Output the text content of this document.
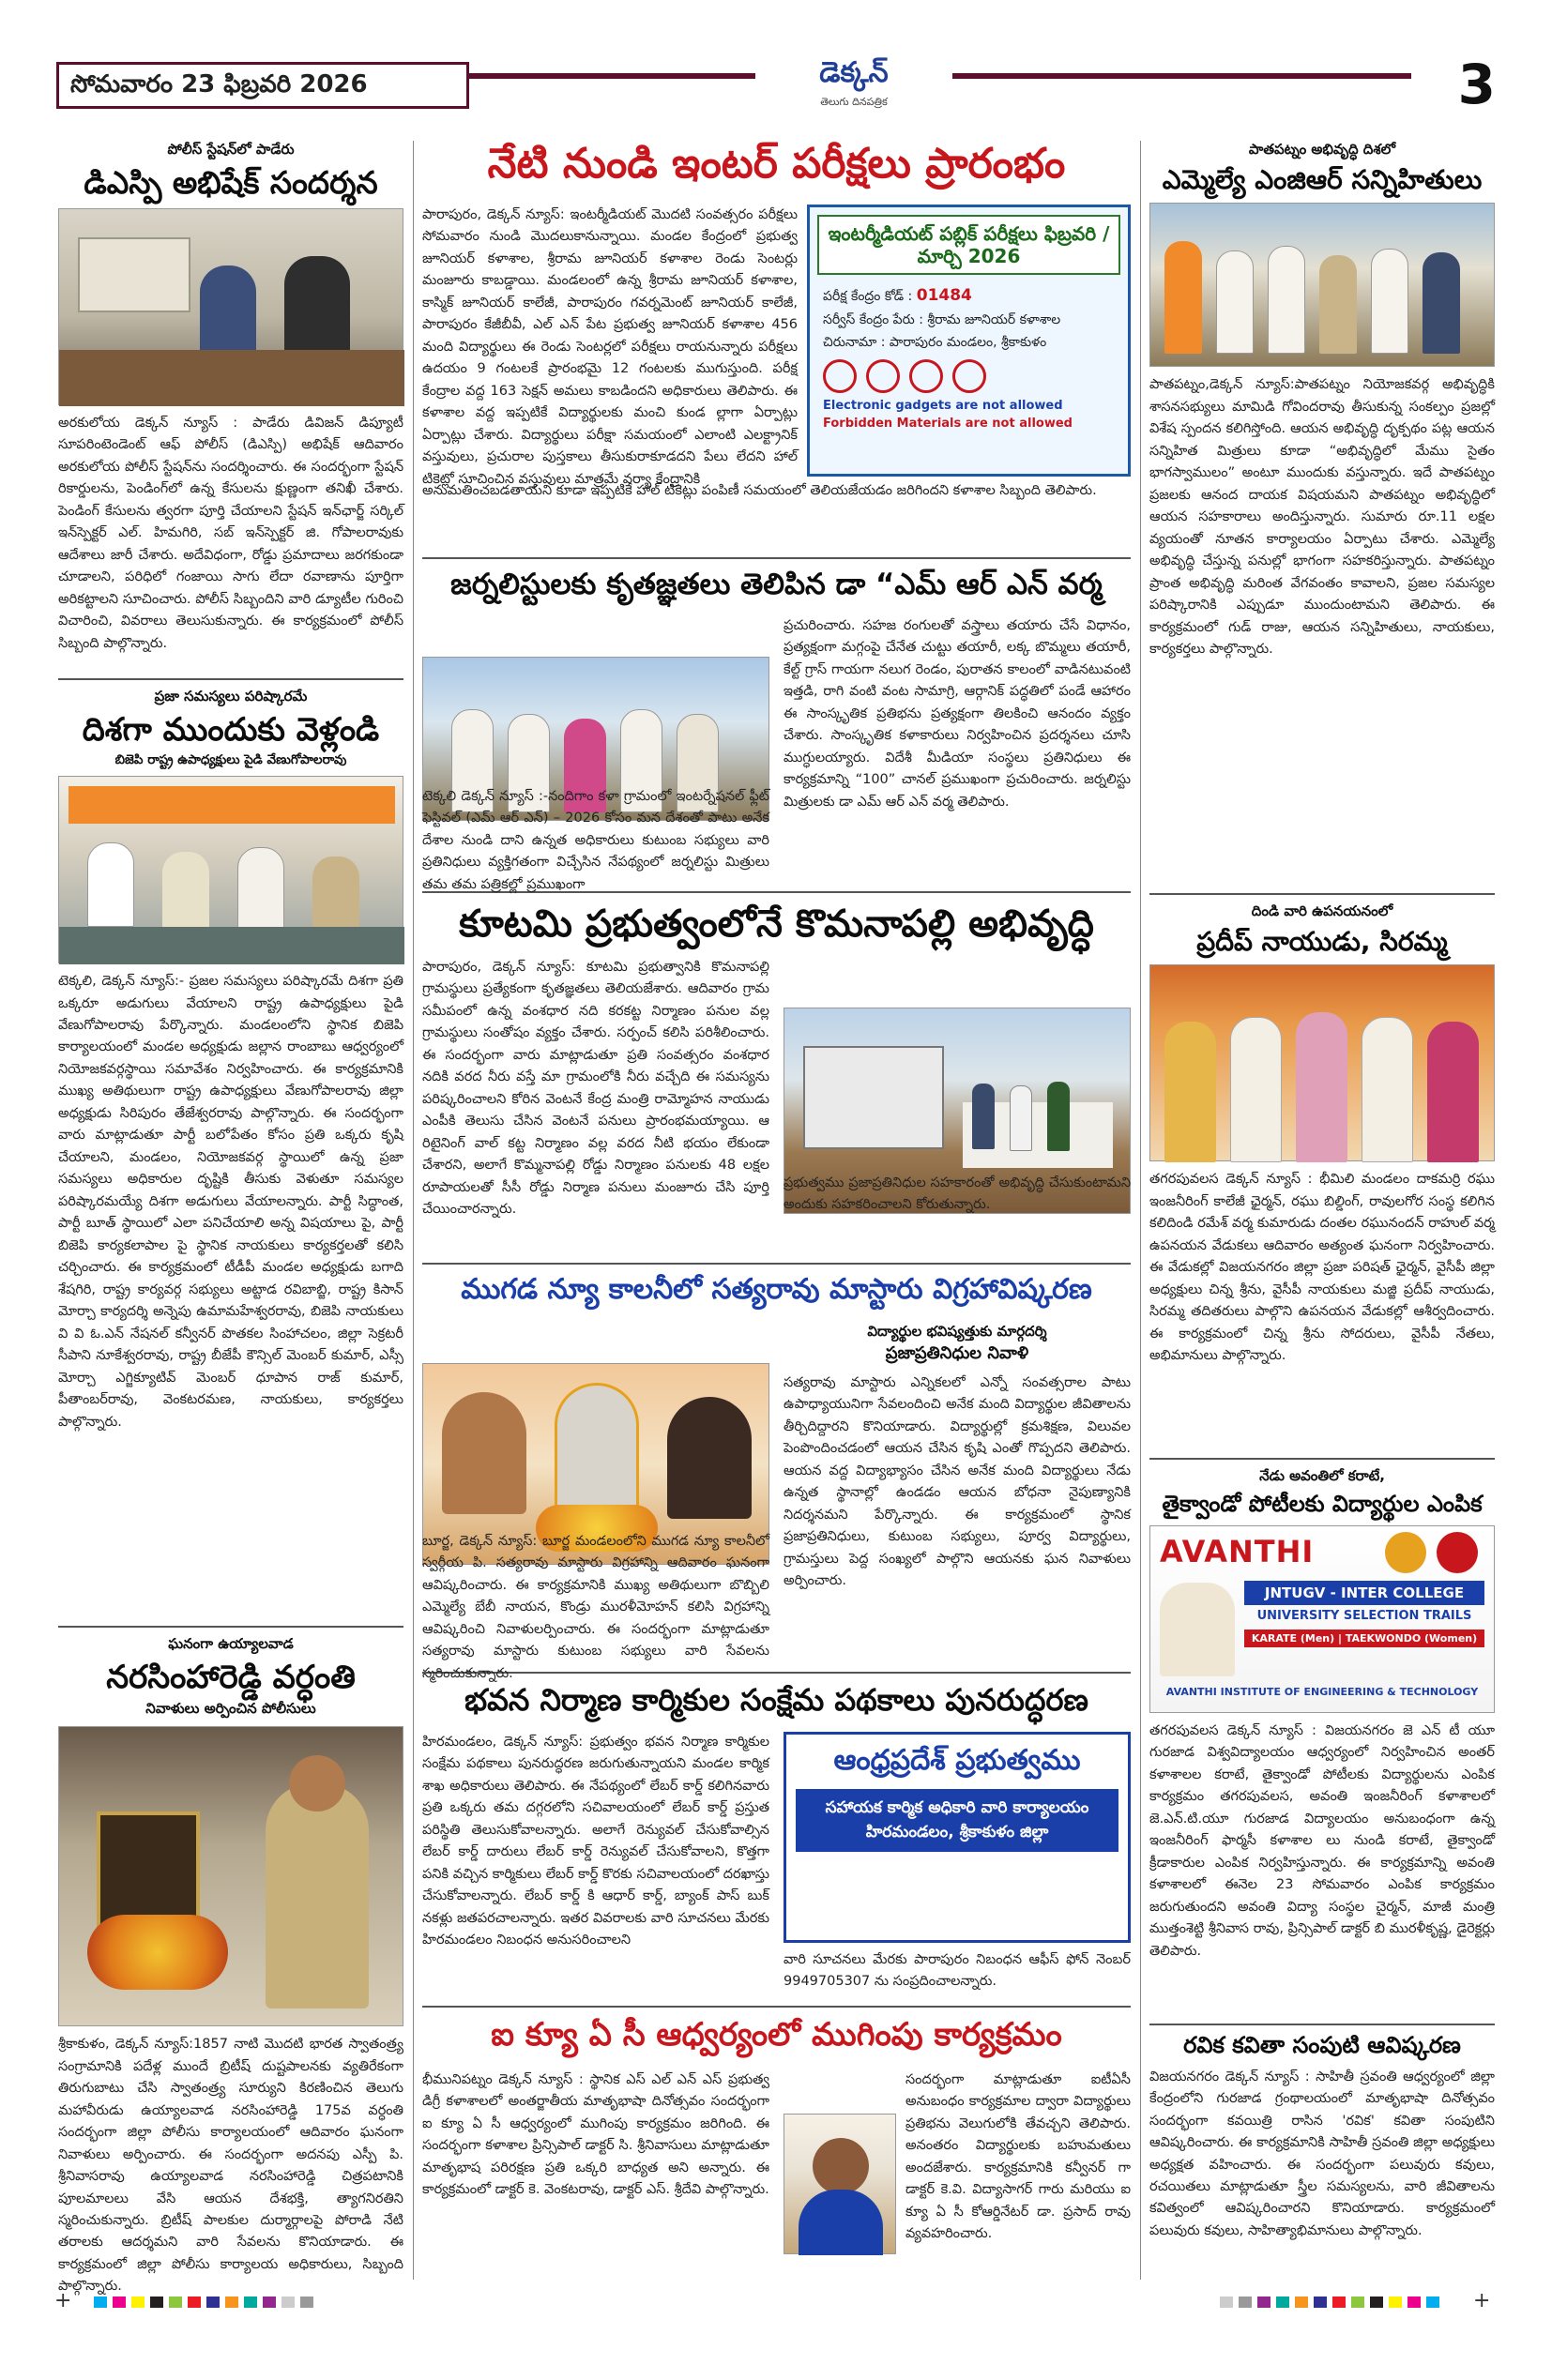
సోమవారం 23 ఫిబ్రవరి 2026	డెక్కన్
తెలుగు దినపత్రిక	3
పోలీస్ స్టేషన్‌లో పాడేరు
డిఎస్పి అభిషేక్ సందర్శన
అరకులోయ డెక్కన్ న్యూస్ : పాడేరు డివిజన్ డిప్యూటీ సూపరింటెండెంట్ ఆఫ్ పోలీస్ (డిఎస్పి) అభిషేక్ ఆదివారం అరకులోయ పోలీస్ స్టేషన్‌ను సందర్శించారు. ఈ సందర్భంగా స్టేషన్ రికార్డులను, పెండింగ్‌లో ఉన్న కేసులను క్షుణ్ణంగా తనిఖీ చేశారు. పెండింగ్ కేసులను త్వరగా పూర్తి చేయాలని స్టేషన్ ఇన్‌ఛార్జ్ సర్కిల్ ఇన్‌స్పెక్టర్ ఎల్. హిమగిరి, సబ్ ఇన్‌స్పెక్టర్ జి. గోపాలరావుకు ఆదేశాలు జారీ చేశారు. అదేవిధంగా, రోడ్డు ప్రమాదాలు జరగకుండా చూడాలని, పరిధిలో గంజాయి సాగు లేదా రవాణాను పూర్తిగా అరికట్టాలని సూచించారు. పోలీస్ సిబ్బందిని వారి డ్యూటీల గురించి విచారించి, వివరాలు తెలుసుకున్నారు. ఈ కార్యక్రమంలో పోలీస్ సిబ్బంది పాల్గొన్నారు.
ప్రజా సమస్యలు పరిష్కారమే
దిశగా ముందుకు వెళ్లండి
బిజెపి రాష్ట్ర ఉపాధ్యక్షులు పైడి వేణుగోపాలరావు
టెక్కలి, డెక్కన్ న్యూస్:- ప్రజల సమస్యలు పరిష్కారమే దిశగా ప్రతి ఒక్కరూ అడుగులు వేయాలని రాష్ట్ర ఉపాధ్యక్షులు పైడి వేణుగోపాలరావు పేర్కొన్నారు. మండలంలోని స్థానిక బిజెపి కార్యాలయంలో మండల అధ్యక్షుడు జల్లాన రాంబాబు ఆధ్వర్యంలో నియోజకవర్గస్థాయి సమావేశం నిర్వహించారు. ఈ కార్యక్రమానికి ముఖ్య అతిథులుగా రాష్ట్ర ఉపాధ్యక్షులు వేణుగోపాలరావు జిల్లా అధ్యక్షుడు సిరిపురం తేజేశ్వరరావు పాల్గొన్నారు. ఈ సందర్భంగా వారు మాట్లాడుతూ పార్టీ బలోపేతం కోసం ప్రతి ఒక్కరు కృషి చేయాలని, మండలం, నియోజకవర్గ స్థాయిలో ఉన్న ప్రజా సమస్యలు అధికారుల దృష్టికి తీసుకు వెళుతూ సమస్యల పరిష్కారమయ్యే దిశగా అడుగులు వేయాలన్నారు. పార్టీ సిద్ధాంత, పార్టీ బూత్ స్థాయిలో ఎలా పనిచేయాలి అన్న విషయాలు పై, పార్టీ బిజెపి కార్యకలాపాల పై స్థానిక నాయకులు కార్యకర్తలతో కలిసి చర్చించారు. ఈ కార్యక్రమంలో టీడీపీ మండల అధ్యక్షుడు బగాది శేషగిరి, రాష్ట్ర కార్యవర్గ సభ్యులు అట్టాడ రవిబాబ్జి, రాష్ట్ర కిసాన్ మోర్చా కార్యదర్శి అన్నెపు ఉమామహేశ్వరరావు, బిజెపి నాయకులు వి వి ఓ.ఎన్ నేషనల్ కన్వీనర్ పొతకల సింహాచలం, జిల్లా సెక్రటరీ సీపాని నూకేశ్వరరావు, రాష్ట్ర బీజేపీ కౌన్సిల్ మెంబర్ కుమార్, ఎస్సీ మోర్చా ఎగ్జిక్యూటివ్ మెంబర్ ధూపాన రాజ్ కుమార్, పీతాంబర్‌రావు, వెంకటరమణ, నాయకులు, కార్యకర్తలు పాల్గొన్నారు.
ఘనంగా ఉయ్యాలవాడ
నరసింహారెడ్డి వర్ధంతి
నివాళులు అర్పించిన పోలీసులు
శ్రీకాకుళం, డెక్కన్ న్యూస్:1857 నాటి మొదటి భారత స్వాతంత్ర్య సంగ్రామానికి పదేళ్ల ముందే బ్రిటీష్ దుష్టపాలనకు వ్యతిరేకంగా తిరుగుబాటు చేసి స్వాతంత్ర్య సూర్యుని కిరణించిన తెలుగు మహావీరుడు ఉయ్యాలవాడ నరసింహారెడ్డి 175వ వర్ధంతి సందర్భంగా జిల్లా పోలీసు కార్యాలయంలో ఆదివారం ఘనంగా నివాళులు అర్పించారు. ఈ సందర్భంగా అదనపు ఎస్పీ పి. శ్రీనివాసరావు ఉయ్యాలవాడ నరసింహారెడ్డి చిత్రపటానికి పూలమాలలు వేసి ఆయన దేశభక్తి, త్యాగనిరతిని స్మరించుకున్నారు. బ్రిటీష్ పాలకుల దుర్మార్గాలపై పోరాడి నేటి తరాలకు ఆదర్శమని వారి సేవలను కొనియాడారు. ఈ కార్యక్రమంలో జిల్లా పోలీసు కార్యాలయ అధికారులు, సిబ్బంది పాల్గొన్నారు.
నేటి నుండి ఇంటర్ పరీక్షలు ప్రారంభం
పారాపురం, డెక్కన్ న్యూస్: ఇంటర్మీడియట్ మొదటి సంవత్సరం పరీక్షలు సోమవారం నుండి మొదలుకానున్నాయి. మండల కేంద్రంలో ప్రభుత్వ జూనియర్ కళాశాల, శ్రీరామ జూనియర్ కళాశాల రెండు సెంటర్లు మంజూరు కాబడ్డాయి. మండలంలో ఉన్న శ్రీరామ జూనియర్ కళాశాల, కాస్మిక్ జూనియర్ కాలేజీ, పారాపురం గవర్నమెంట్ జూనియర్ కాలేజీ, పారాపురం కేజీబీవీ, ఎల్ ఎన్ పేట ప్రభుత్వ జూనియర్ కళాశాల 456 మంది విద్యార్థులు ఈ రెండు సెంటర్లలో పరీక్షలు రాయనున్నారు పరీక్షలు ఉదయం 9 గంటలకే ప్రారంభమై 12 గంటలకు ముగుస్తుంది. పరీక్ష కేంద్రాల వద్ద 163 సెక్షన్ అమలు కాబడిందని అధికారులు తెలిపారు. ఈ కళాశాల వద్ద ఇప్పటికే విద్యార్థులకు మంచి కుండ ల్లాగా ఏర్పాట్లు ఏర్పాట్లు చేశారు. విద్యార్థులు పరీక్షా సమయంలో ఎలాంటి ఎలక్ట్రానిక్ వస్తువులు, ప్రచురాల పుస్తకాలు తీసుకురాకూడదని పేలు లేదని హాల్ టికెట్లో సూచించిన వస్తువులు మాత్రమే వర్యా కేంద్రానికి
ఇంటర్మీడియట్ పబ్లిక్ పరీక్షలు ఫిబ్రవరి / మార్చి 2026
పరీక్ష కేంద్రం కోడ్ : 01484
సర్వీస్ కేంద్రం పేరు : శ్రీరామ జూనియర్ కళాశాల
చిరునామా : పారాపురం మండలం, శ్రీకాకుళం
Electronic gadgets are not allowed
Forbidden Materials are not allowed
అనుమతించబడతాయని కూడా ఇప్పటికే హాల్ టికెట్లు పంపిణీ సమయంలో తెలియజేయడం జరిగిందని కళాశాల సిబ్బంది తెలిపారు.
జర్నలిస్టులకు కృతజ్ఞతలు తెలిపిన డా “ఎమ్ ఆర్ ఎన్ వర్మ
టెక్కలి డెక్కన్ న్యూస్ :-నందిగాం కళా గ్రామంలో ఇంటర్నేషనల్ ఫ్లీట్ ఫెస్టివల్ (ఎమ్ ఆర్ ఎన్) – 2026 కోసం మన దేశంతో పాటు అనేక దేశాల నుండి దాని ఉన్నత అధికారులు కుటుంబ సభ్యులు వారి ప్రతినిధులు వ్యక్తిగతంగా విచ్చేసిన నేపథ్యంలో జర్నలిస్టు మిత్రులు తమ తమ పత్రికల్లో ప్రముఖంగా
ప్రచురించారు. సహజ రంగులతో వస్త్రాలు తయారు చేసే విధానం, ప్రత్యక్షంగా మగ్గంపై చేనేత చుట్టు తయారీ, లక్క బొమ్మలు తయారీ, కేల్ట్ గ్రాస్ గాయగా నలుగ రెండం, పురాతన కాలంలో వాడినటువంటి ఇత్తడి, రాగి వంటి వంట సామాగ్రి, ఆర్గానిక్ పద్ధతిలో పండే ఆహారం ఈ సాంస్కృతిక ప్రతిభను ప్రత్యక్షంగా తిలకించి ఆనందం వ్యక్తం చేశారు. సాంస్కృతిక కళాకారులు నిర్వహించిన ప్రదర్శనలు చూసి ముగ్ధులయ్యారు. విదేశీ మీడియా సంస్థలు ప్రతినిధులు ఈ కార్యక్రమాన్ని “100” చానల్ ప్రముఖంగా ప్రచురించారు. జర్నలిస్టు మిత్రులకు డా ఎమ్ ఆర్ ఎన్ వర్మ తెలిపారు.
కూటమి ప్రభుత్వంలోనే కొమనాపల్లి అభివృద్ధి
పారాపురం, డెక్కన్ న్యూస్: కూటమి ప్రభుత్వానికి కొమనాపల్లి గ్రామస్థులు ప్రత్యేకంగా కృతజ్ఞతలు తెలియజేశారు. ఆదివారం గ్రామ సమీపంలో ఉన్న వంశధార నది కరకట్ట నిర్మాణం పనుల వల్ల గ్రామస్థులు సంతోషం వ్యక్తం చేశారు. సర్పంచ్ కలిసి పరిశీలించారు. ఈ సందర్భంగా వారు మాట్లాడుతూ ప్రతి సంవత్సరం వంశధార నదికి వరద నీరు వస్తే మా గ్రామంలోకి నీరు వచ్చేది ఈ సమస్యను పరిష్కరించాలని కోరిన వెంటనే కేంద్ర మంత్రి రామ్మోహన నాయుడు ఎంపీకి తెలుసు చేసిన వెంటనే పనులు ప్రారంభమయ్యాయి. ఆ రిటైనింగ్ వాల్ కట్ట నిర్మాణం వల్ల వరద నీటి భయం లేకుండా చేశారని, అలాగే కొమ్మనాపల్లి రోడ్డు నిర్మాణం పనులకు 48 లక్షల రూపాయలతో సీసీ రోడ్డు నిర్మాణ పనులు మంజూరు చేసి పూర్తి చేయించారన్నారు.
ప్రభుత్వము ప్రజాప్రతినిధుల సహకారంతో అభివృద్ధి చేసుకుంటామని అందుకు సహకరించాలని కోరుతున్నారు.
ముగడ న్యూ కాలనీలో సత్యరావు మాస్టారు విగ్రహావిష్కరణ
బూర్జ, డెక్కన్ న్యూస్: బూర్జ మండలంలోని ముగడ న్యూ కాలనీలో స్వర్గీయ పి. సత్యరావు మాస్టారు విగ్రహాన్ని ఆదివారం ఘనంగా ఆవిష్కరించారు. ఈ కార్యక్రమానికి ముఖ్య అతిథులుగా బొబ్బిలి ఎమ్మెల్యే బేబీ నాయన, కొండ్రు మురళీమోహన్ కలిసి విగ్రహాన్ని ఆవిష్కరించి నివాళులర్పించారు. ఈ సందర్భంగా మాట్లాడుతూ సత్యరావు మాస్టారు కుటుంబ సభ్యులు వారి సేవలను స్మరించుకున్నారు.
విద్యార్థుల భవిష్యత్తుకు మార్గదర్శి
ప్రజాప్రతినిధుల నివాళి
సత్యరావు మాస్టారు ఎన్నికలలో ఎన్నో సంవత్సరాల పాటు ఉపాధ్యాయునిగా సేవలందించి అనేక మంది విద్యార్థుల జీవితాలను తీర్చిదిద్దారని కొనియాడారు. విద్యార్థుల్లో క్రమశిక్షణ, విలువల పెంపొందించడంలో ఆయన చేసిన కృషి ఎంతో గొప్పదని తెలిపారు. ఆయన వద్ద విద్యాభ్యాసం చేసిన అనేక మంది విద్యార్థులు నేడు ఉన్నత స్థానాల్లో ఉండడం ఆయన బోధనా నైపుణ్యానికి నిదర్శనమని పేర్కొన్నారు. ఈ కార్యక్రమంలో స్థానిక ప్రజాప్రతినిధులు, కుటుంబ సభ్యులు, పూర్వ విద్యార్థులు, గ్రామస్తులు పెద్ద సంఖ్యలో పాల్గొని ఆయనకు ఘన నివాళులు అర్పించారు.
భవన నిర్మాణ కార్మికుల సంక్షేమ పథకాలు పునరుద్ధరణ
హిరమండలం, డెక్కన్ న్యూస్: ప్రభుత్వం భవన నిర్మాణ కార్మికుల సంక్షేమ పథకాలు పునరుద్ధరణ జరుగుతున్నాయని మండల కార్మిక శాఖ అధికారులు తెలిపారు. ఈ నేపథ్యంలో లేబర్ కార్డ్ కలిగినవారు ప్రతి ఒక్కరు తమ దగ్గరలోని సచివాలయంలో లేబర్ కార్డ్ ప్రస్తుత పరిస్థితి తెలుసుకోవాలన్నారు. అలాగే రెన్యువల్ చేసుకోవాల్సిన లేబర్ కార్డ్ దారులు లేబర్ కార్డ్ రెన్యువల్ చేసుకోవాలని, కొత్తగా పనికి వచ్చిన కార్మికులు లేబర్ కార్డ్ కొరకు సచివాలయంలో దరఖాస్తు చేసుకోవాలన్నారు. లేబర్ కార్డ్ కి ఆధార్ కార్డ్, బ్యాంక్ పాస్ బుక్ నకళ్లు జతపరచాలన్నారు. ఇతర వివరాలకు వారి సూచనలు మేరకు హిరమండలం నిబంధన అనుసరించాలని
ఆంధ్రప్రదేశ్ ప్రభుత్వము
సహాయక కార్మిక అధికారి వారి కార్యాలయం
హిరమండలం, శ్రీకాకుళం జిల్లా
వారి సూచనలు మేరకు పారాపురం నిబంధన ఆఫీస్ ఫోన్ నెంబర్ 9949705307 ను సంప్రదించాలన్నారు.
ఐ క్యూ ఏ సీ ఆధ్వర్యంలో ముగింపు కార్యక్రమం
భీమునిపట్నం డెక్కన్ న్యూస్ : స్థానిక ఎస్ ఎల్ ఎన్ ఎస్ ప్రభుత్వ డిగ్రీ కళాశాలలో అంతర్జాతీయ మాతృభాషా దినోత్సవం సందర్భంగా ఐ క్యూ ఏ సీ ఆధ్వర్యంలో ముగింపు కార్యక్రమం జరిగింది. ఈ సందర్భంగా కళాశాల ప్రిన్సిపాల్ డాక్టర్ సి. శ్రీనివాసులు మాట్లాడుతూ మాతృభాష పరిరక్షణ ప్రతి ఒక్కరి బాధ్యత అని అన్నారు. ఈ కార్యక్రమంలో డాక్టర్ కె. వెంకటరావు, డాక్టర్ ఎస్. శ్రీదేవి పాల్గొన్నారు.
సందర్భంగా మాట్లాడుతూ ఐటీఏసీ అనుబంధం కార్యక్రమాల ద్వారా విద్యార్థులు ప్రతిభను వెలుగులోకి తేవచ్చని తెలిపారు. అనంతరం విద్యార్థులకు బహుమతులు అందజేశారు. కార్యక్రమానికి కన్వీనర్ గా డాక్టర్ కె.వి. విద్యాసాగర్ గారు మరియు ఐ క్యూ ఏ సీ కోఆర్డినేటర్ డా. ప్రసాద్ రావు వ్యవహరించారు.
పాతపట్నం అభివృద్ధి దిశలో
ఎమ్మెల్యే ఎంజిఆర్ సన్నిహితులు
పాతపట్నం,డెక్కన్ న్యూస్:పాతపట్నం నియోజకవర్గ అభివృద్ధికి శాసనసభ్యులు మామిడి గోవిందరావు తీసుకున్న సంకల్పం ప్రజల్లో విశేష స్పందన కలిగిస్తోంది. ఆయన అభివృద్ధి దృక్పథం పట్ల ఆయన సన్నిహిత మిత్రులు కూడా “అభివృద్ధిలో మేము సైతం భాగస్వాములం” అంటూ ముందుకు వస్తున్నారు. ఇదే పాతపట్నం ప్రజలకు ఆనంద దాయక విషయమని పాతపట్నం అభివృద్ధిలో ఆయన సహకారాలు అందిస్తున్నారు. సుమారు రూ.11 లక్షల వ్యయంతో నూతన కార్యాలయం ఏర్పాటు చేశారు. ఎమ్మెల్యే అభివృద్ధి చేస్తున్న పనుల్లో భాగంగా సహకరిస్తున్నారు. పాతపట్నం ప్రాంత అభివృద్ధి మరింత వేగవంతం కావాలని, ప్రజల సమస్యల పరిష్కారానికి ఎప్పుడూ ముందుంటామని తెలిపారు. ఈ కార్యక్రమంలో గుడ్ రాజు, ఆయన సన్నిహితులు, నాయకులు, కార్యకర్తలు పాల్గొన్నారు.
దిండి వారి ఉపనయనంలో
ప్రదీప్ నాయుడు, సిరమ్మ
తగరపువలస డెక్కన్ న్యూస్ : భీమిలి మండలం దాకమర్రి రఘు ఇంజనీరింగ్ కాలేజీ ఛైర్మన్, రఘు బిల్డింగ్, రావులగోర సంస్థ కలిగిన కలిదిండి రమేశ్ వర్మ కుమారుడు దంతల రఘునందన్ రాహుల్ వర్మ ఉపనయన వేడుకలు ఆదివారం అత్యంత ఘనంగా నిర్వహించారు. ఈ వేడుకల్లో విజయనగరం జిల్లా ప్రజా పరిషత్ ఛైర్మన్, వైసీపీ జిల్లా అధ్యక్షులు చిన్న శ్రీను, వైసీపీ నాయకులు మజ్జి ప్రదీప్ నాయుడు, సిరమ్మ తదితరులు పాల్గొని ఉపనయన వేడుకల్లో ఆశీర్వదించారు. ఈ కార్యక్రమంలో చిన్న శ్రీను సోదరులు, వైసీపీ నేతలు, అభిమానులు పాల్గొన్నారు.
నేడు అవంతిలో కరాటే,
తైక్వాండో పోటీలకు విద్యార్థుల ఎంపిక
AVANTHI
JNTUGV - INTER COLLEGE
UNIVERSITY SELECTION TRAILS
KARATE (Men) | TAEKWONDO (Women)
AVANTHI INSTITUTE OF ENGINEERING & TECHNOLOGY
తగరపువలస డెక్కన్ న్యూస్ : విజయనగరం జె ఎన్ టీ యూ గురజాడ విశ్వవిద్యాలయం ఆధ్వర్యంలో నిర్వహించిన అంతర్ కళాశాలల కరాటే, తైక్వాండో పోటీలకు విద్యార్థులను ఎంపిక కార్యక్రమం తగరపువలస, అవంతి ఇంజనీరింగ్ కళాశాలలో జె.ఎన్.టి.యూ గురజాడ విద్యాలయం అనుబంధంగా ఉన్న ఇంజనీరింగ్ ఫార్మసీ కళాశాల లు నుండి కరాటే, తైక్వాండో క్రీడాకారుల ఎంపిక నిర్వహిస్తున్నారు. ఈ కార్యక్రమాన్ని అవంతి కళాశాలలో ఈనెల 23 సోమవారం ఎంపిక కార్యక్రమం జరుగుతుందని అవంతి విద్యా సంస్థల చైర్మన్, మాజీ మంత్రి ముత్తంశెట్టి శ్రీనివాస రావు, ప్రిన్సిపాల్ డాక్టర్ బి మురళీకృష్ణ, డైరెక్టర్లు తెలిపారు.
రవిక కవితా సంపుటి ఆవిష్కరణ
విజయనగరం డెక్కన్ న్యూస్ : సాహితీ స్రవంతి ఆధ్వర్యంలో జిల్లా కేంద్రంలోని గురజాడ గ్రంథాలయంలో మాతృభాషా దినోత్సవం సందర్భంగా కవయిత్రి రాసిన 'రవిక' కవితా సంపుటిని ఆవిష్కరించారు. ఈ కార్యక్రమానికి సాహితీ స్రవంతి జిల్లా అధ్యక్షులు అధ్యక్షత వహించారు. ఈ సందర్భంగా పలువురు కవులు, రచయితలు మాట్లాడుతూ స్త్రీల సమస్యలను, వారి జీవితాలను కవిత్వంలో ఆవిష్కరించారని కొనియాడారు. కార్యక్రమంలో పలువురు కవులు, సాహిత్యాభిమానులు పాల్గొన్నారు.
+	+
